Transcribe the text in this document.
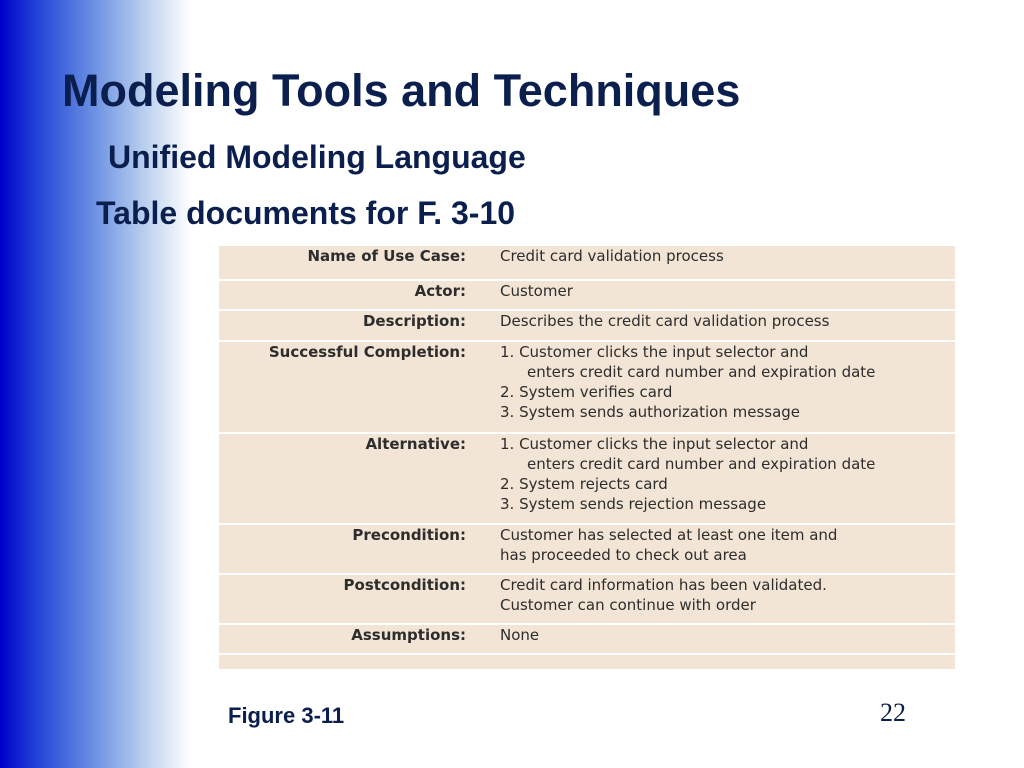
Modeling Tools and Techniques
Unified Modeling Language
Table documents for F. 3-10
Name of Use Case:		Credit card validation process

Actor:		Customer

Description:		Describes the credit card validation process

Successful Completion:		1. Customer clicks the input selector and
enters credit card number and expiration date
2. System verifies card
3. System sends authorization message

Alternative:		1. Customer clicks the input selector and
enters credit card number and expiration date
2. System rejects card
3. System sends rejection message

Precondition:		Customer has selected at least one item and
has proceeded to check out area

Postcondition:		Credit card information has been validated.
Customer can continue with order

Assumptions:		None

Figure 3-11	22
